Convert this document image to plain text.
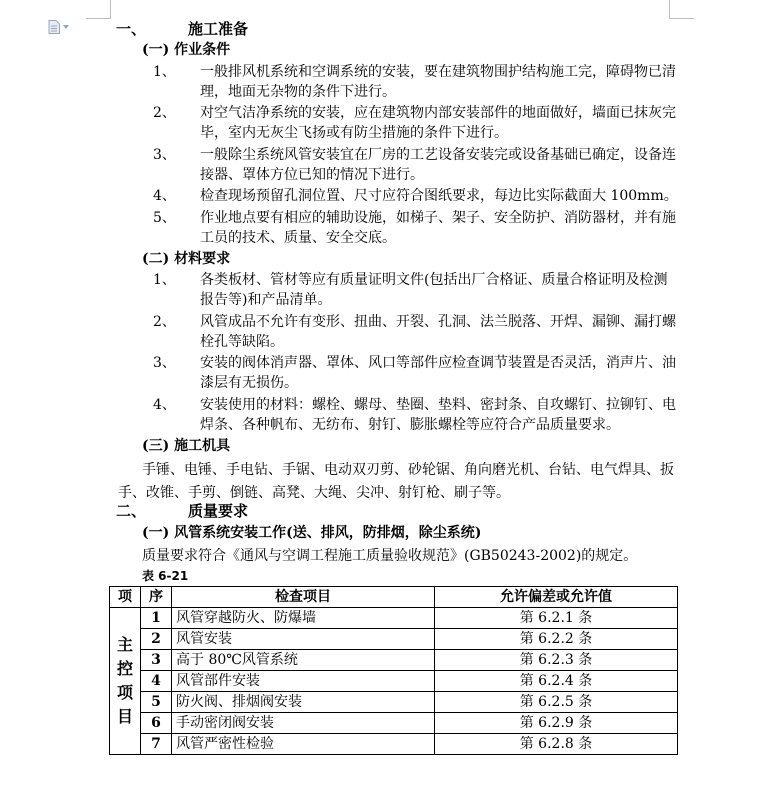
一、	施工准备
(一) 作业条件
1、 一般排风机系统和空调系统的安装，要在建筑物围护结构施工完，障碍物已清
理，地面无杂物的条件下进行。
2、 对空气洁净系统的安装，应在建筑物内部安装部件的地面做好，墙面已抹灰完
毕，室内无灰尘飞扬或有防尘措施的条件下进行。
3、 一般除尘系统风管安装宜在厂房的工艺设备安装完或设备基础已确定，设备连
接器、罩体方位已知的情况下进行。
4、 检查现场预留孔洞位置、尺寸应符合图纸要求，每边比实际截面大 100mm。
5、 作业地点要有相应的辅助设施，如梯子、架子、安全防护、消防器材，并有施
工员的技术、质量、安全交底。
(二) 材料要求
1、 各类板材、管材等应有质量证明文件(包括出厂合格证、质量合格证明及检测
报告等)和产品清单。
2、 风管成品不允许有变形、扭曲、开裂、孔洞、法兰脱落、开焊、漏铆、漏打螺
栓孔等缺陷。
3、 安装的阀体消声器、罩体、风口等部件应检查调节装置是否灵活，消声片、油
漆层有无损伤。
4、 安装使用的材料：螺栓、螺母、垫圈、垫料、密封条、自攻螺钉、拉铆钉、电
焊条、各种帆布、无纺布、射钉、膨胀螺栓等应符合产品质量要求。
(三) 施工机具
手锤、电锤、手电钻、手锯、电动双刃剪、砂轮锯、角向磨光机、台钻、电气焊具、扳
手、改锥、手剪、倒链、高凳、大绳、尖冲、射钉枪、刷子等。
二、	质量要求
(一) 风管系统安装工作(送、排风，防排烟，除尘系统)
质量要求符合《通风与空调工程施工质量验收规范》(GB50243-2002)的规定。
表 6-21
项	序	检查项目	允许偏差或允许值
主控项目	1	风管穿越防火、防爆墙	第 6.2.1 条
	2	风管安装	第 6.2.2 条
	3	高于 80℃风管系统	第 6.2.3 条
	4	风管部件安装	第 6.2.4 条
	5	防火阀、排烟阀安装	第 6.2.5 条
	6	手动密闭阀安装	第 6.2.9 条
	7	风管严密性检验	第 6.2.8 条
